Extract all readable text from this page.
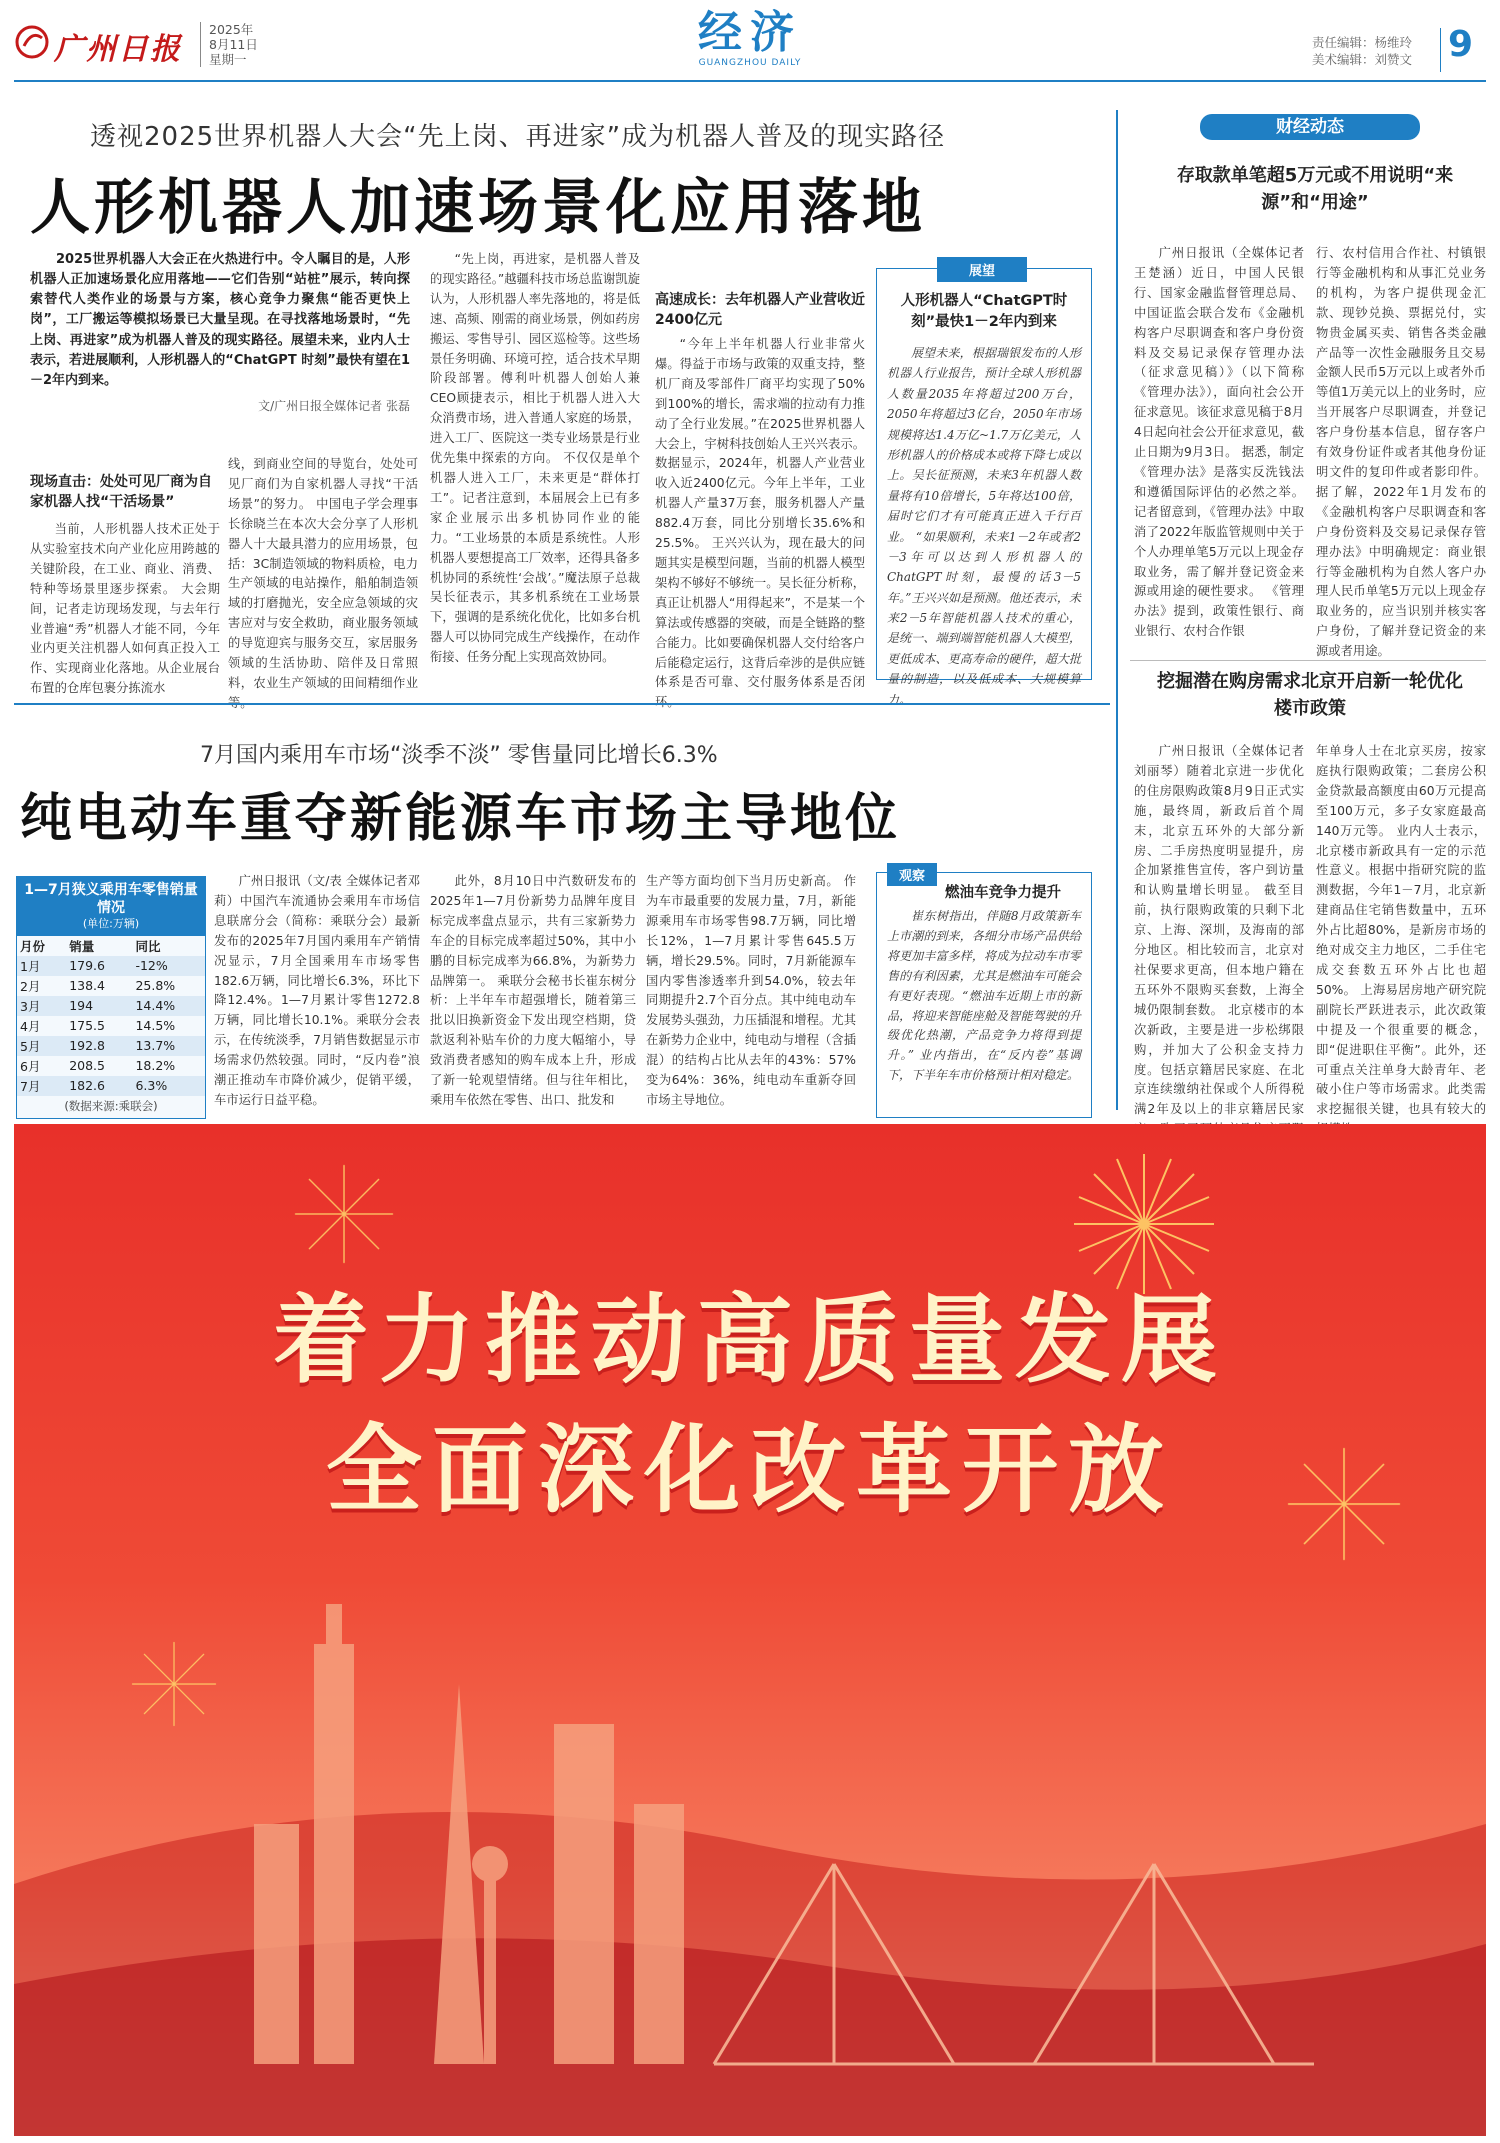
广州日报
2025年
8月11日
星期一
经济
GUANGZHOU DAILY
责任编辑：杨维玲
美术编辑：刘赞文 9
透视2025世界机器人大会“先上岗、再进家”成为机器人普及的现实路径
人形机器人加速场景化应用落地
2025世界机器人大会正在火热进行中。令人瞩目的是，人形机器人正加速场景化应用落地——它们告别“站桩”展示，转向探索替代人类作业的场景与方案，核心竞争力聚焦“能否更快上岗”，工厂搬运等模拟场景已大量呈现。在寻找落地场景时，“先上岗、再进家”成为机器人普及的现实路径。展望未来，业内人士表示，若进展顺利，人形机器人的“ChatGPT 时刻”最快有望在1－2年内到来。
文/广州日报全媒体记者 张磊
现场直击：处处可见厂商为自家机器人找“干活场景”

当前，人形机器人技术正处于从实验室技术向产业化应用跨越的关键阶段，在工业、商业、消费、特种等场景里逐步探索。 大会期间，记者走访现场发现，与去年行业普遍“秀”机器人才能不同，今年业内更关注机器人如何真正投入工作、实现商业化落地。从企业展台布置的仓库包裹分拣流水

线，到商业空间的导览台，处处可见厂商们为自家机器人寻找“干活场景”的努力。 中国电子学会理事长徐晓兰在本次大会分享了人形机器人十大最具潜力的应用场景，包括：3C制造领域的物料质检，电力生产领域的电站操作，船舶制造领域的打磨抛光，安全应急领域的灾害应对与安全救助，商业服务领域的导览迎宾与服务交互，家居服务领域的生活协助、陪伴及日常照料，农业生产领域的田间精细作业等。

“先上岗，再进家，是机器人普及的现实路径。”越疆科技市场总监谢凯旋认为，人形机器人率先落地的，将是低速、高频、刚需的商业场景，例如药房搬运、零售导引、园区巡检等。这些场景任务明确、环境可控，适合技术早期阶段部署。傅利叶机器人创始人兼CEO顾捷表示，相比于机器人进入大众消费市场，进入普通人家庭的场景，进入工厂、医院这一类专业场景是行业优先集中探索的方向。 不仅仅是单个机器人进入工厂，未来更是“群体打工”。记者注意到，本届展会上已有多家企业展示出多机协同作业的能力。“工业场景的本质是系统性。人形机器人要想提高工厂效率，还得具备多机协同的系统性‘会战’。”魔法原子总裁吴长征表示，其多机系统在工业场景下，强调的是系统化优化，比如多台机器人可以协同完成生产线操作，在动作衔接、任务分配上实现高效协同。

高速成长：去年机器人产业营收近2400亿元

“今年上半年机器人行业非常火爆。得益于市场与政策的双重支持，整机厂商及零部件厂商平均实现了50%到100%的增长，需求端的拉动有力推动了全行业发展。”在2025世界机器人大会上，宇树科技创始人王兴兴表示。数据显示，2024年，机器人产业营业收入近2400亿元。今年上半年，工业机器人产量37万套，服务机器人产量882.4万套，同比分别增长35.6%和25.5%。 王兴兴认为，现在最大的问题其实是模型问题，当前的机器人模型架构不够好不够统一。吴长征分析称，真正让机器人“用得起来”，不是某一个算法或传感器的突破，而是全链路的整合能力。比如要确保机器人交付给客户后能稳定运行，这背后牵涉的是供应链体系是否可靠、交付服务体系是否闭环。

展望
人形机器人“ChatGPT时刻”最快1－2年内到来

展望未来，根据瑞银发布的人形机器人行业报告，预计全球人形机器人数量2035年将超过200万台，2050年将超过3亿台，2050年市场规模将达1.4万亿~1.7万亿美元，人形机器人的价格成本或将下降七成以上。吴长征预测，未来3年机器人数量将有10倍增长，5年将达100倍，届时它们才有可能真正进入千行百业。 “如果顺利，未来1－2年或者2－3年可以达到人形机器人的ChatGPT时刻，最慢的话3－5年。”王兴兴如是预测。他还表示，未来2－5年智能机器人技术的重心，是统一、端到端智能机器人大模型，更低成本、更高寿命的硬件，超大批量的制造，以及低成本、大规模算力。

财经动态
存取款单笔超5万元或不用说明“来源”和“用途”

广州日报讯（全媒体记者 王楚涵）近日，中国人民银行、国家金融监督管理总局、中国证监会联合发布《金融机构客户尽职调查和客户身份资料及交易记录保存管理办法（征求意见稿）》（以下简称《管理办法》），面向社会公开征求意见。该征求意见稿于8月4日起向社会公开征求意见，截止日期为9月3日。 据悉，制定《管理办法》是落实反洗钱法和遵循国际评估的必然之举。 记者留意到，《管理办法》中取消了2022年版监管规则中关于个人办理单笔5万元以上现金存取业务，需了解并登记资金来源或用途的硬性要求。 《管理办法》提到，政策性银行、商业银行、农村合作银

行、农村信用合作社、村镇银行等金融机构和从事汇兑业务的机构，为客户提供现金汇款、现钞兑换、票据兑付，实物贵金属买卖、销售各类金融产品等一次性金融服务且交易金额人民币5万元以上或者外币等值1万美元以上的业务时，应当开展客户尽职调查，并登记客户身份基本信息，留存客户有效身份证件或者其他身份证明文件的复印件或者影印件。 据了解，2022年1月发布的《金融机构客户尽职调查和客户身份资料及交易记录保存管理办法》中明确规定：商业银行等金融机构为自然人客户办理人民币单笔5万元以上现金存取业务的，应当识别并核实客户身份，了解并登记资金的来源或者用途。

挖掘潜在购房需求北京开启新一轮优化楼市政策

广州日报讯（全媒体记者刘丽琴）随着北京进一步优化的住房限购政策8月9日正式实施，最终周，新政后首个周末，北京五环外的大部分新房、二手房热度明显提升，房企加紧推售宣传，客户到访量和认购量增长明显。 截至目前，执行限购政策的只剩下北京、上海、深圳，及海南的部分地区。相比较而言，北京对社保要求更高，但本地户籍在五环外不限购买套数，上海全城仍限制套数。 北京楼市的本次新政，主要是进一步松绑限购，并加大了公积金支持力度。包括京籍居民家庭、在北京连续缴纳社保或个人所得税满2年及以上的非京籍居民家

年单身人士在北京买房，按家庭执行限购政策；二套房公积金贷款最高额度由60万元提高至100万元，多子女家庭最高140万元等。 业内人士表示，北京楼市新政具有一定的示范性意义。根据中指研究院的监测数据，今年1－7月，北京新建商品住宅销售数量中，五环外占比超80%，是新房市场的绝对成交主力地区，二手住宅成交套数五环外占比也超50%。 上海易居房地产研究院副院长严跃进表示，此次政策中提及一个很重要的概念，即“促进职住平衡”。此外，还可重点关注单身大龄青年、老破小住户等市场需求。此类需求挖掘很关键，也具有较大的

7月国内乘用车市场“淡季不淡” 零售量同比增长6.3%
纯电动车重夺新能源车市场主导地位
1—7月狭义乘用车零售销量情况
(单位:万辆)
月份	销量	同比
1月	179.6	-12%
2月	138.4	25.8%
3月	194	14.4%
4月	175.5	14.5%
5月	192.8	13.7%
6月	208.5	18.2%
7月	182.6	6.3%
(数据来源:乘联会)

广州日报讯（文/表 全媒体记者邓莉）中国汽车流通协会乘用车市场信息联席分会（简称：乘联分会）最新发布的2025年7月国内乘用车产销情况显示，7月全国乘用车市场零售182.6万辆，同比增长6.3%，环比下降12.4%。1—7月累计零售1272.8万辆，同比增长10.1%。乘联分会表示，在传统淡季，7月销售数据显示市场需求仍然较强。同时，“反内卷”浪潮正推动车市降价减少，促销平缓，车市运行日益平稳。

此外，8月10日中汽数研发布的2025年1—7月份新势力品牌年度目标完成率盘点显示，共有三家新势力车企的目标完成率超过50%，其中小鹏的目标完成率为66.8%，为新势力品牌第一。 乘联分会秘书长崔东树分析：上半年车市超强增长，随着第三批以旧换新资金下发出现空档期，贷款返利补贴车价的力度大幅缩小，导致消费者感知的购车成本上升，形成了新一轮观望情绪。但与往年相比，乘用车依然在零售、出口、批发和

生产等方面均创下当月历史新高。 作为车市最重要的发展力量，7月，新能源乘用车市场零售98.7万辆，同比增长12%，1—7月累计零售645.5万辆，增长29.5%。同时，7月新能源车国内零售渗透率升到54.0%，较去年同期提升2.7个百分点。其中纯电动车发展势头强劲，力压插混和增程。尤其在新势力企业中，纯电动与增程（含插混）的结构占比从去年的43%：57%变为64%：36%，纯电动车重新夺回市场主导地位。

观察
燃油车竞争力提升

崔东树指出，伴随8月政策新车上市潮的到来，各细分市场产品供给将更加丰富多样，将成为拉动车市零售的有利因素，尤其是燃油车可能会有更好表现。“燃油车近期上市的新品，将迎来智能座舱及智能驾驶的升级优化热潮，产品竞争力将得到提升。” 业内指出，在“反内卷”基调下，下半年车市价格预计相对稳定。

着力推动高质量发展
全面深化改革开放
